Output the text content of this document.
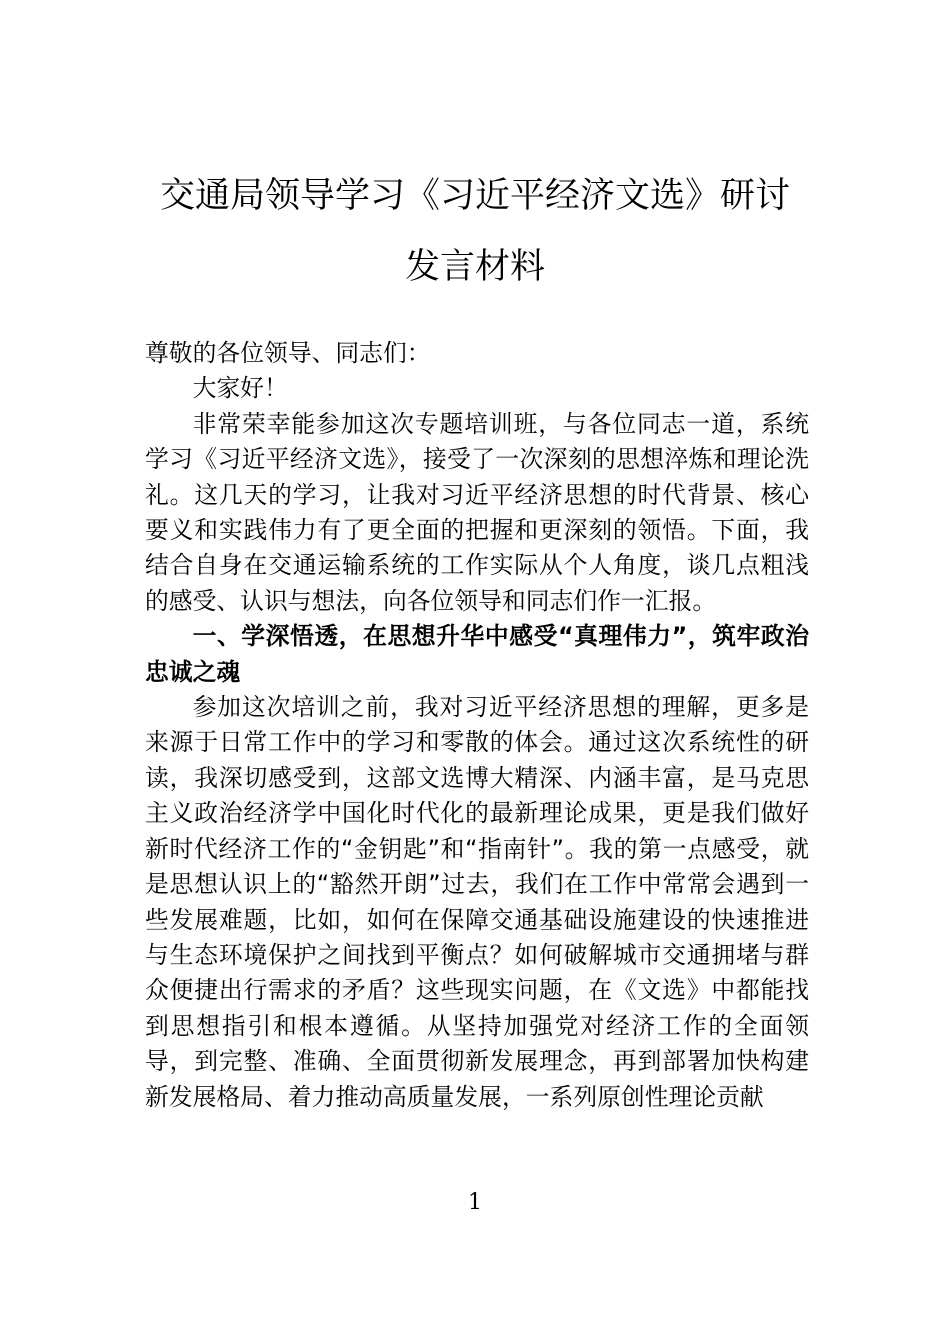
交通局领导学习《习近平经济文选》研讨
发言材料

尊敬的各位领导、同志们：

大家好！

非常荣幸能参加这次专题培训班，与各位同志一道，系统学习《习近平经济文选》，接受了一次深刻的思想淬炼和理论洗礼。这几天的学习，让我对习近平经济思想的时代背景、核心要义和实践伟力有了更全面的把握和更深刻的领悟。下面，我结合自身在交通运输系统的工作实际从个人角度，谈几点粗浅的感受、认识与想法，向各位领导和同志们作一汇报。

一、学深悟透，在思想升华中感受“真理伟力”，筑牢政治忠诚之魂

参加这次培训之前，我对习近平经济思想的理解，更多是来源于日常工作中的学习和零散的体会。通过这次系统性的研读，我深切感受到，这部文选博大精深、内涵丰富，是马克思主义政治经济学中国化时代化的最新理论成果，更是我们做好新时代经济工作的“金钥匙”和“指南针”。我的第一点感受，就是思想认识上的“豁然开朗”过去，我们在工作中常常会遇到一些发展难题，比如，如何在保障交通基础设施建设的快速推进与生态环境保护之间找到平衡点？如何破解城市交通拥堵与群众便捷出行需求的矛盾？这些现实问题，在《文选》中都能找到思想指引和根本遵循。从坚持加强党对经济工作的全面领导，到完整、准确、全面贯彻新发展理念，再到部署加快构建新发展格局、着力推动高质量发展，一系列原创性理论贡献

1
